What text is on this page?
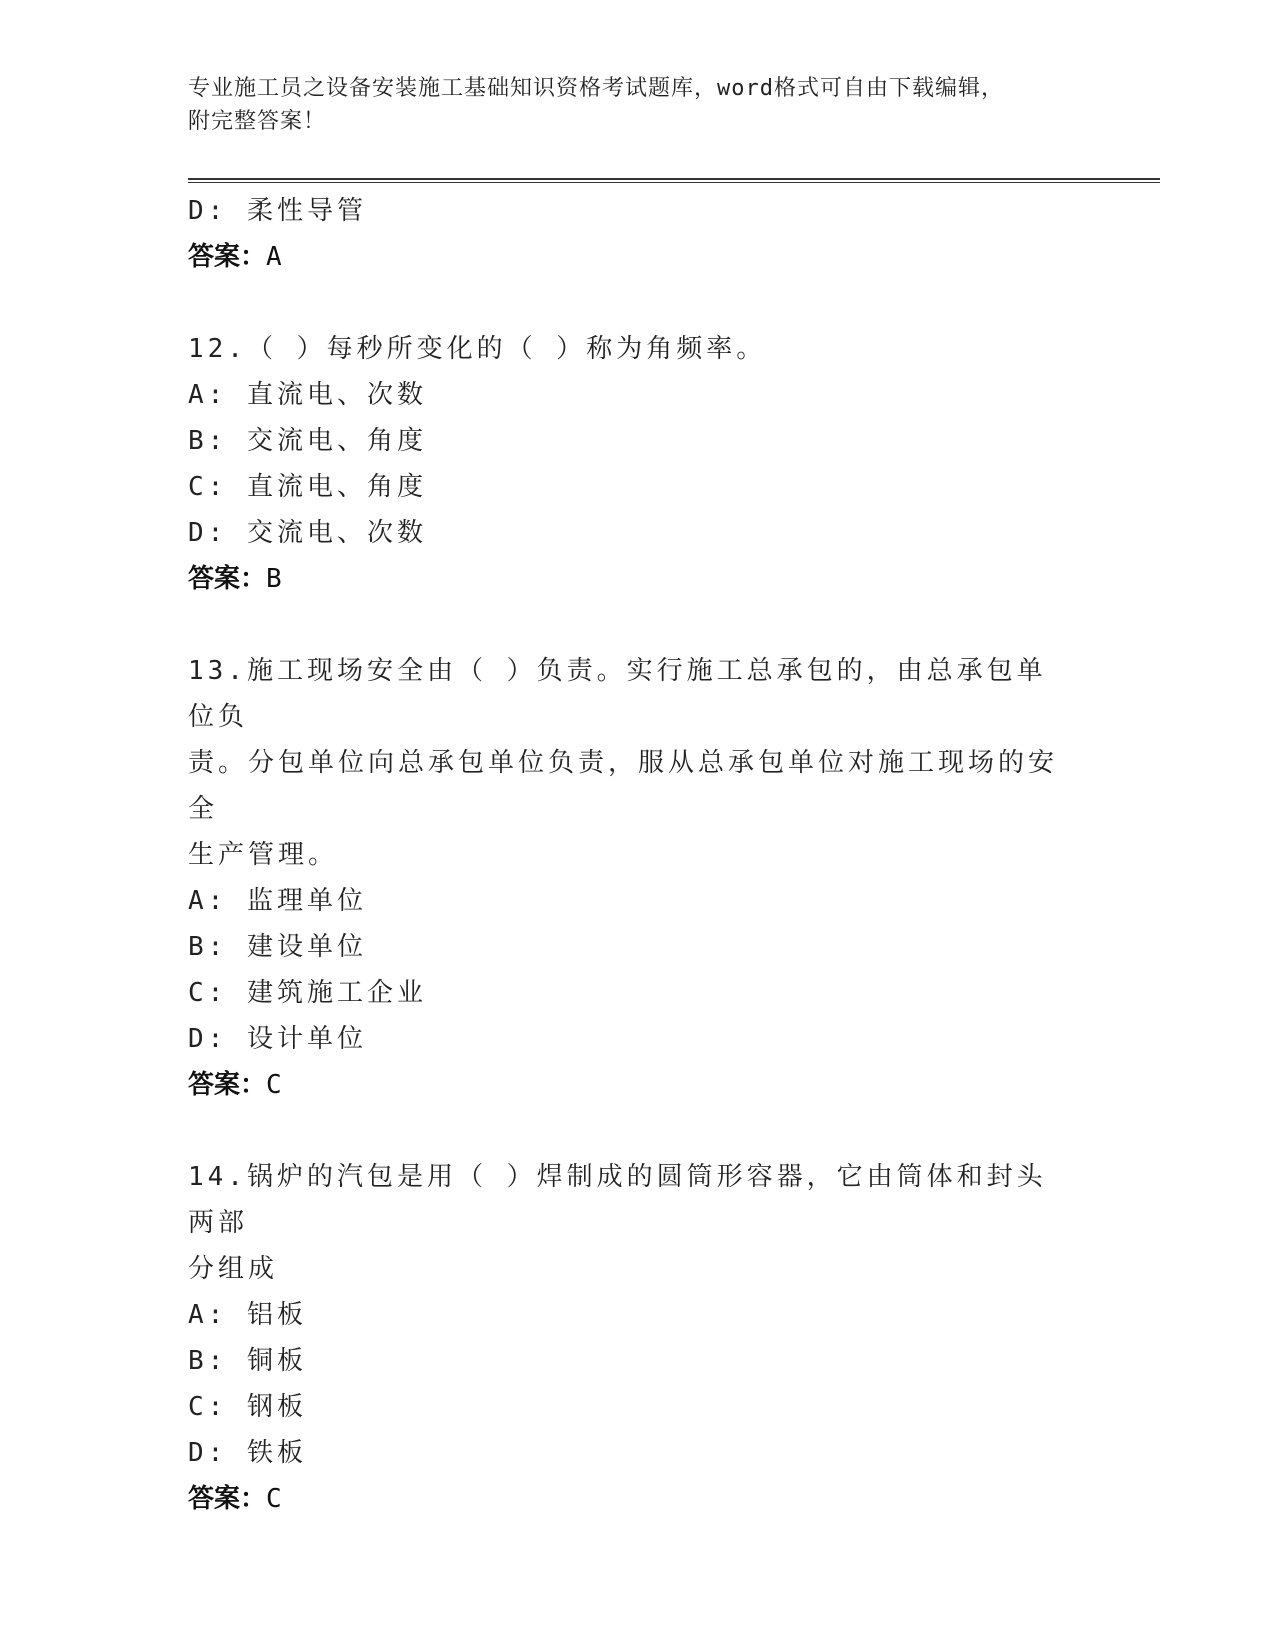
专业施工员之设备安装施工基础知识资格考试题库，word格式可自由下载编辑，
附完整答案！
D: 柔性导管
答案：A
12.（ ）每秒所变化的（ ）称为角频率。
A: 直流电、次数
B: 交流电、角度
C: 直流电、角度
D: 交流电、次数
答案：B
13.施工现场安全由（ ）负责。实行施工总承包的，由总承包单位负
责。分包单位向总承包单位负责，服从总承包单位对施工现场的安全
生产管理。
A: 监理单位
B: 建设单位
C: 建筑施工企业
D: 设计单位
答案：C
14.锅炉的汽包是用（ ）焊制成的圆筒形容器，它由筒体和封头两部
分组成
A: 铝板
B: 铜板
C: 钢板
D: 铁板
答案：C
